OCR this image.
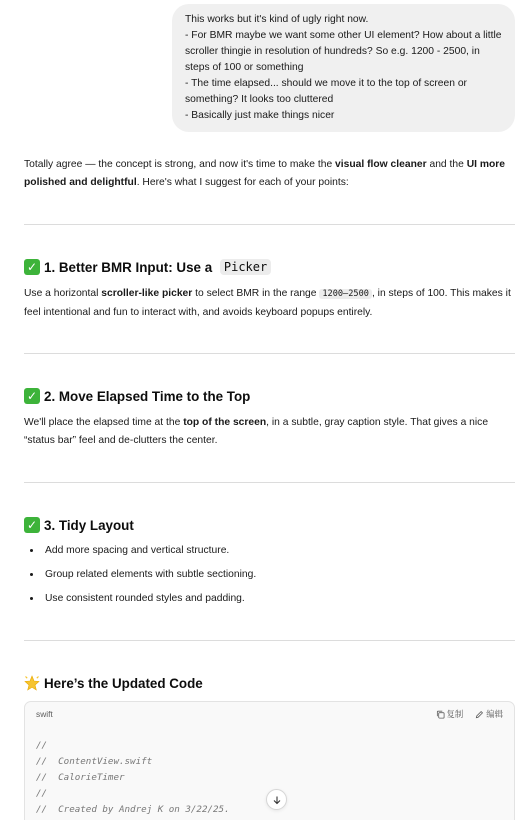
This works but it's kind of ugly right now.
- For BMR maybe we want some other UI element? How about a little scroller thingie in resolution of hundreds? So e.g. 1200 - 2500, in steps of 100 or something
- The time elapsed... should we move it to the top of screen or something? It looks too cluttered
- Basically just make things nicer
Totally agree — the concept is strong, and now it's time to make the visual flow cleaner and the UI more polished and delightful. Here's what I suggest for each of your points:
✓ 1. Better BMR Input: Use a Picker
Use a horizontal scroller-like picker to select BMR in the range 1200–2500 , in steps of 100. This makes it feel intentional and fun to interact with, and avoids keyboard popups entirely.
✓ 2. Move Elapsed Time to the Top
We'll place the elapsed time at the top of the screen, in a subtle, gray caption style. That gives a nice “status bar” feel and de-clutters the center.
✓ 3. Tidy Layout
Add more spacing and vertical structure.
Group related elements with subtle sectioning.
Use consistent rounded styles and padding.
Here’s the Updated Code
swift	复制	编辑
//
//  ContentView.swift
//  CalorieTimer
//
//  Created by Andrej K on 3/22/25.
